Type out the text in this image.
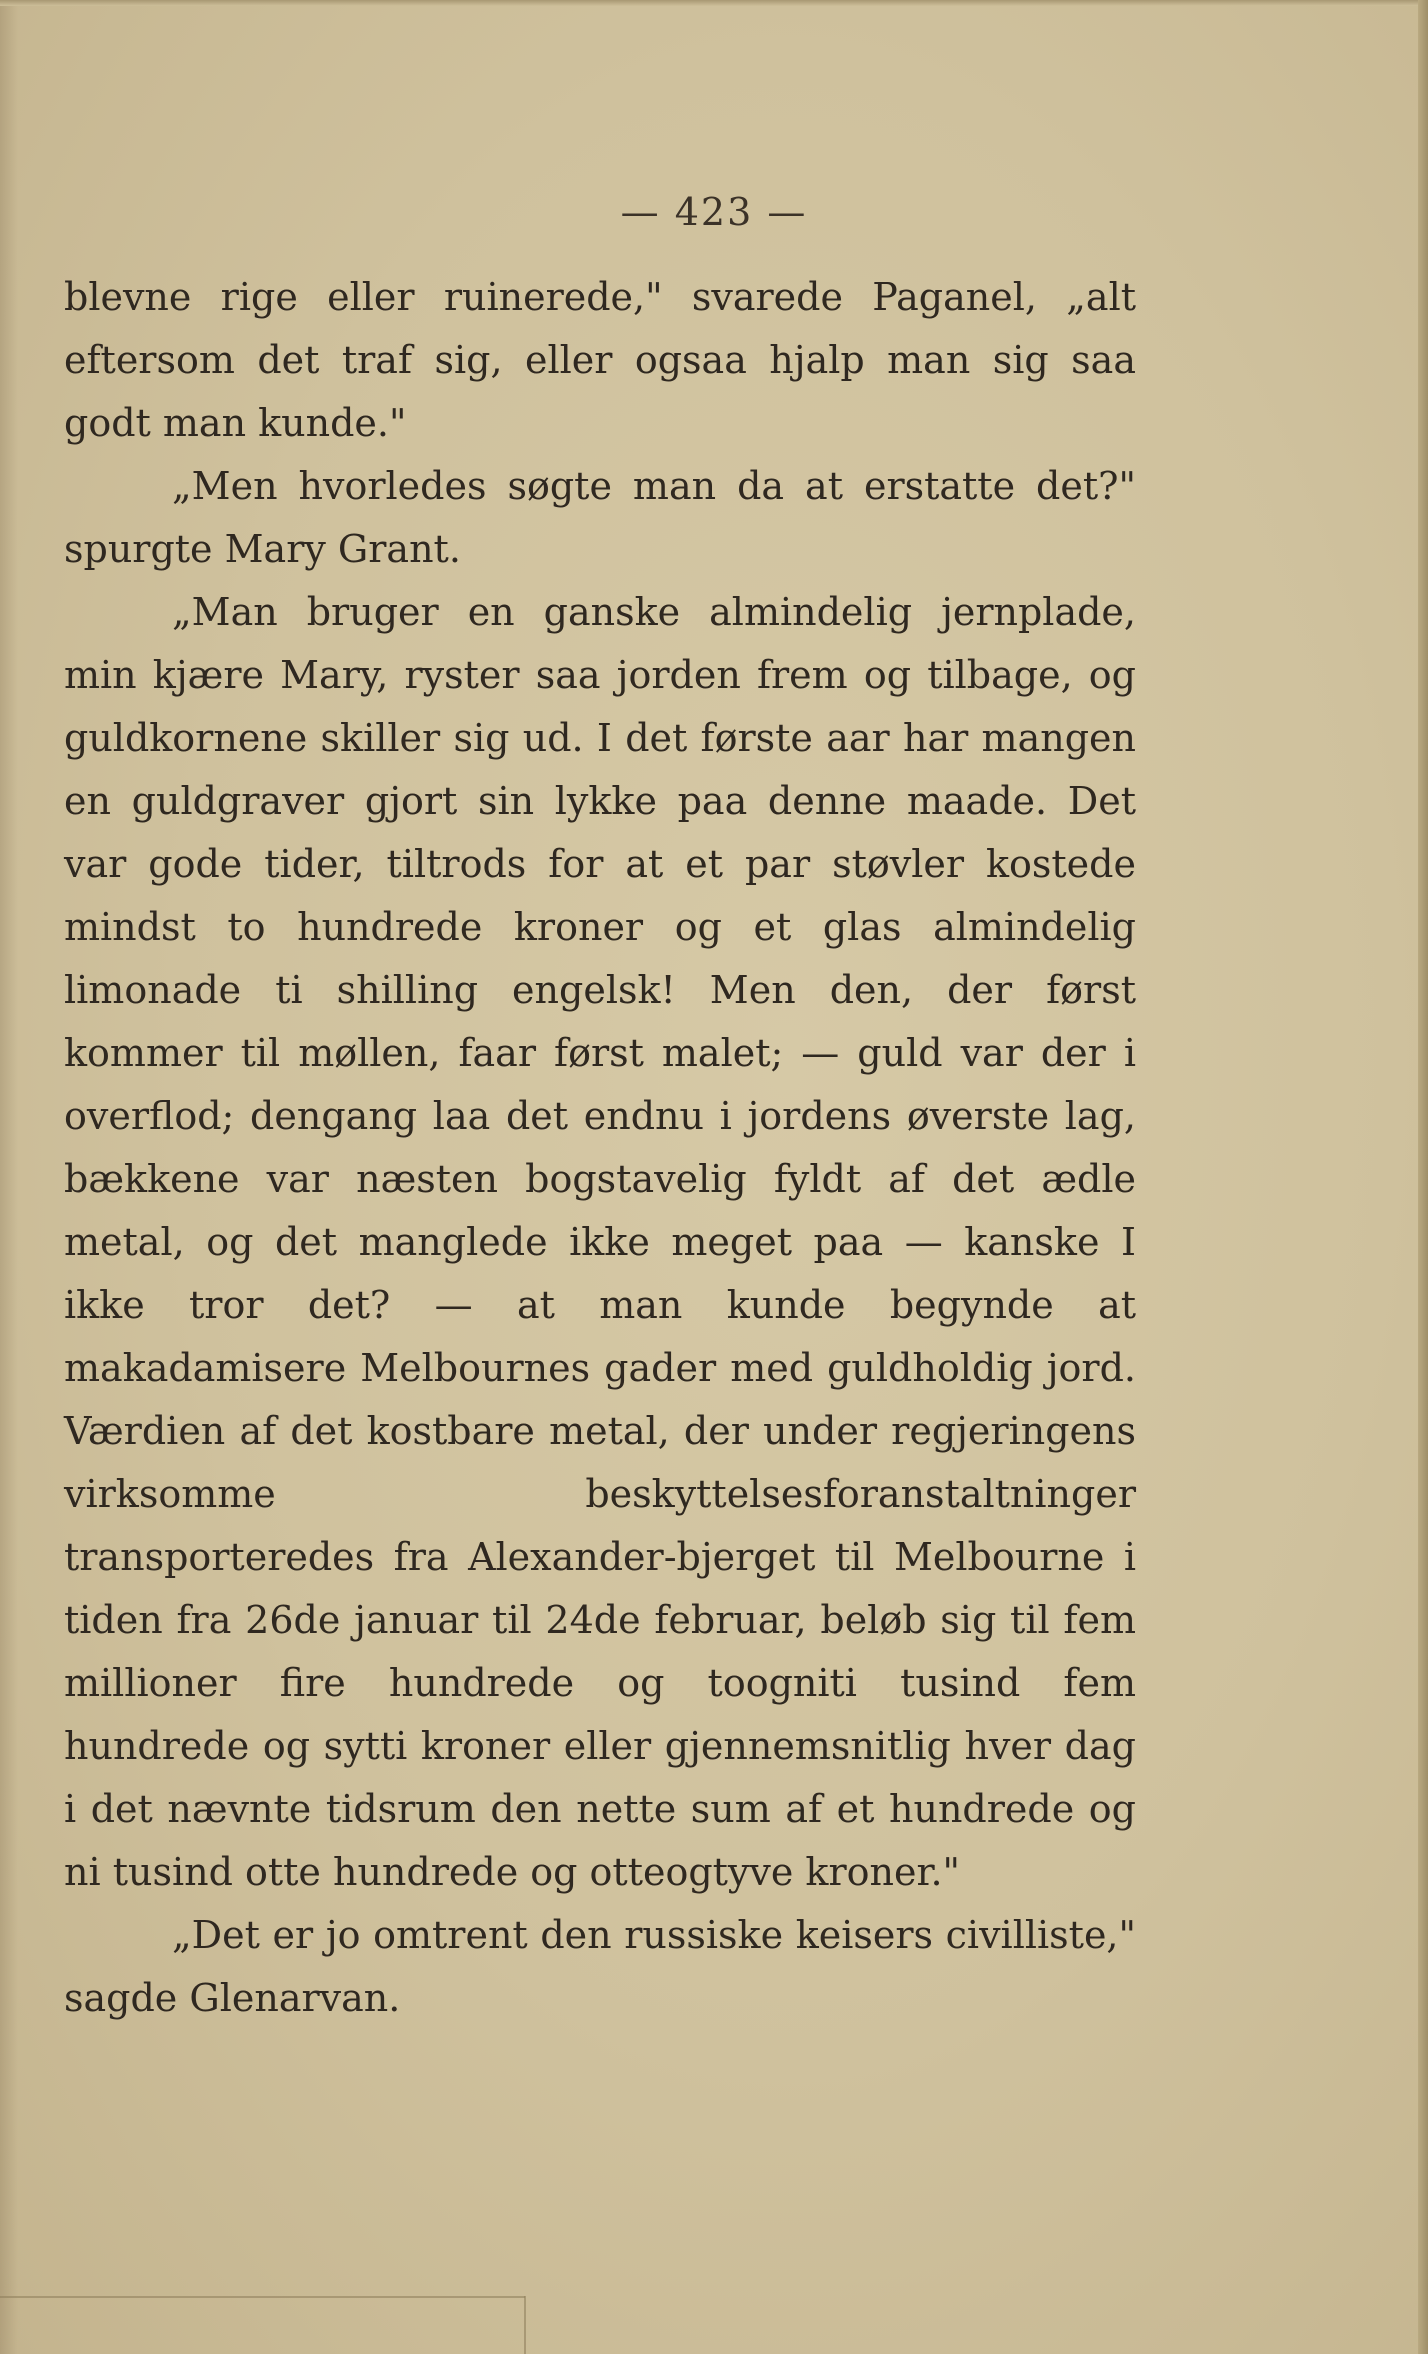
— 423 —

blevne rige eller ruinerede," svarede Paganel, „alt eftersom det traf sig, eller ogsaa hjalp man sig saa godt man kunde."

„Men hvorledes søgte man da at erstatte det?" spurgte Mary Grant.

„Man bruger en ganske almindelig jernplade, min kjære Mary, ryster saa jorden frem og tilbage, og guldkornene skiller sig ud. I det første aar har mangen en guldgraver gjort sin lykke paa denne maade. Det var gode tider, tiltrods for at et par støvler kostede mindst to hundrede kroner og et glas almindelig limonade ti shilling engelsk! Men den, der først kommer til møllen, faar først malet; — guld var der i overflod; dengang laa det endnu i jordens øverste lag, bækkene var næsten bogstavelig fyldt af det ædle metal, og det manglede ikke meget paa — kanske I ikke tror det? — at man kunde begynde at makadamisere Melbournes gader med guldholdig jord. Værdien af det kostbare metal, der under regjeringens virksomme beskyttelsesforanstaltninger transporteredes fra Alexander-bjerget til Melbourne i tiden fra 26de januar til 24de februar, beløb sig til fem millioner fire hundrede og toogniti tusind fem hundrede og sytti kroner eller gjennemsnitlig hver dag i det nævnte tidsrum den nette sum af et hundrede og ni tusind otte hundrede og otteogtyve kroner."

„Det er jo omtrent den russiske keisers civilliste," sagde Glenarvan.
